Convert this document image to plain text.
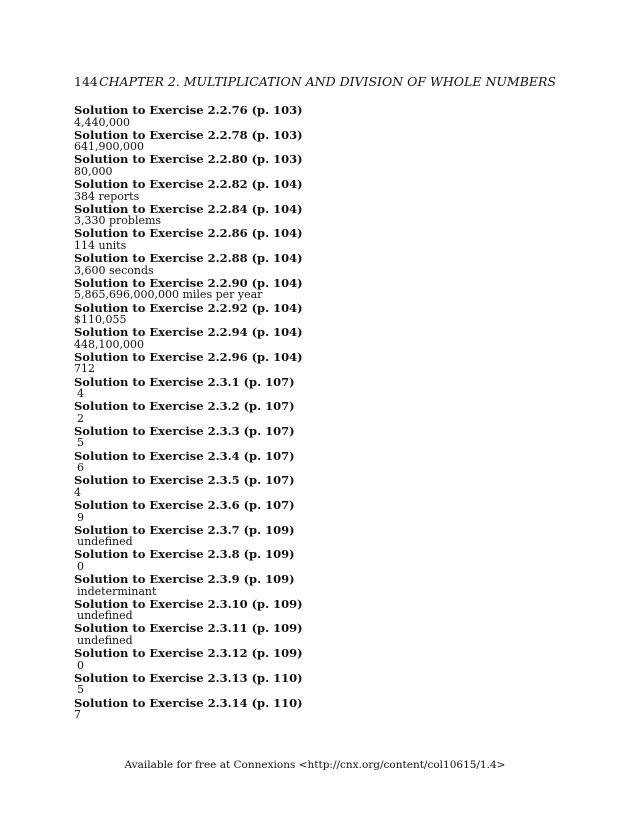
144 CHAPTER 2. MULTIPLICATION AND DIVISION OF WHOLE NUMBERS
Solution to Exercise 2.2.76 (p. 103)
4,440,000
Solution to Exercise 2.2.78 (p. 103)
641,900,000
Solution to Exercise 2.2.80 (p. 103)
80,000
Solution to Exercise 2.2.82 (p. 104)
384 reports
Solution to Exercise 2.2.84 (p. 104)
3,330 problems
Solution to Exercise 2.2.86 (p. 104)
114 units
Solution to Exercise 2.2.88 (p. 104)
3,600 seconds
Solution to Exercise 2.2.90 (p. 104)
5,865,696,000,000 miles per year
Solution to Exercise 2.2.92 (p. 104)
$110,055
Solution to Exercise 2.2.94 (p. 104)
448,100,000
Solution to Exercise 2.2.96 (p. 104)
712
Solution to Exercise 2.3.1 (p. 107)
4
Solution to Exercise 2.3.2 (p. 107)
2
Solution to Exercise 2.3.3 (p. 107)
5
Solution to Exercise 2.3.4 (p. 107)
6
Solution to Exercise 2.3.5 (p. 107)
4
Solution to Exercise 2.3.6 (p. 107)
9
Solution to Exercise 2.3.7 (p. 109)
undefined
Solution to Exercise 2.3.8 (p. 109)
0
Solution to Exercise 2.3.9 (p. 109)
indeterminant
Solution to Exercise 2.3.10 (p. 109)
undefined
Solution to Exercise 2.3.11 (p. 109)
undefined
Solution to Exercise 2.3.12 (p. 109)
0
Solution to Exercise 2.3.13 (p. 110)
5
Solution to Exercise 2.3.14 (p. 110)
7
Available for free at Connexions <http://cnx.org/content/col10615/1.4>
